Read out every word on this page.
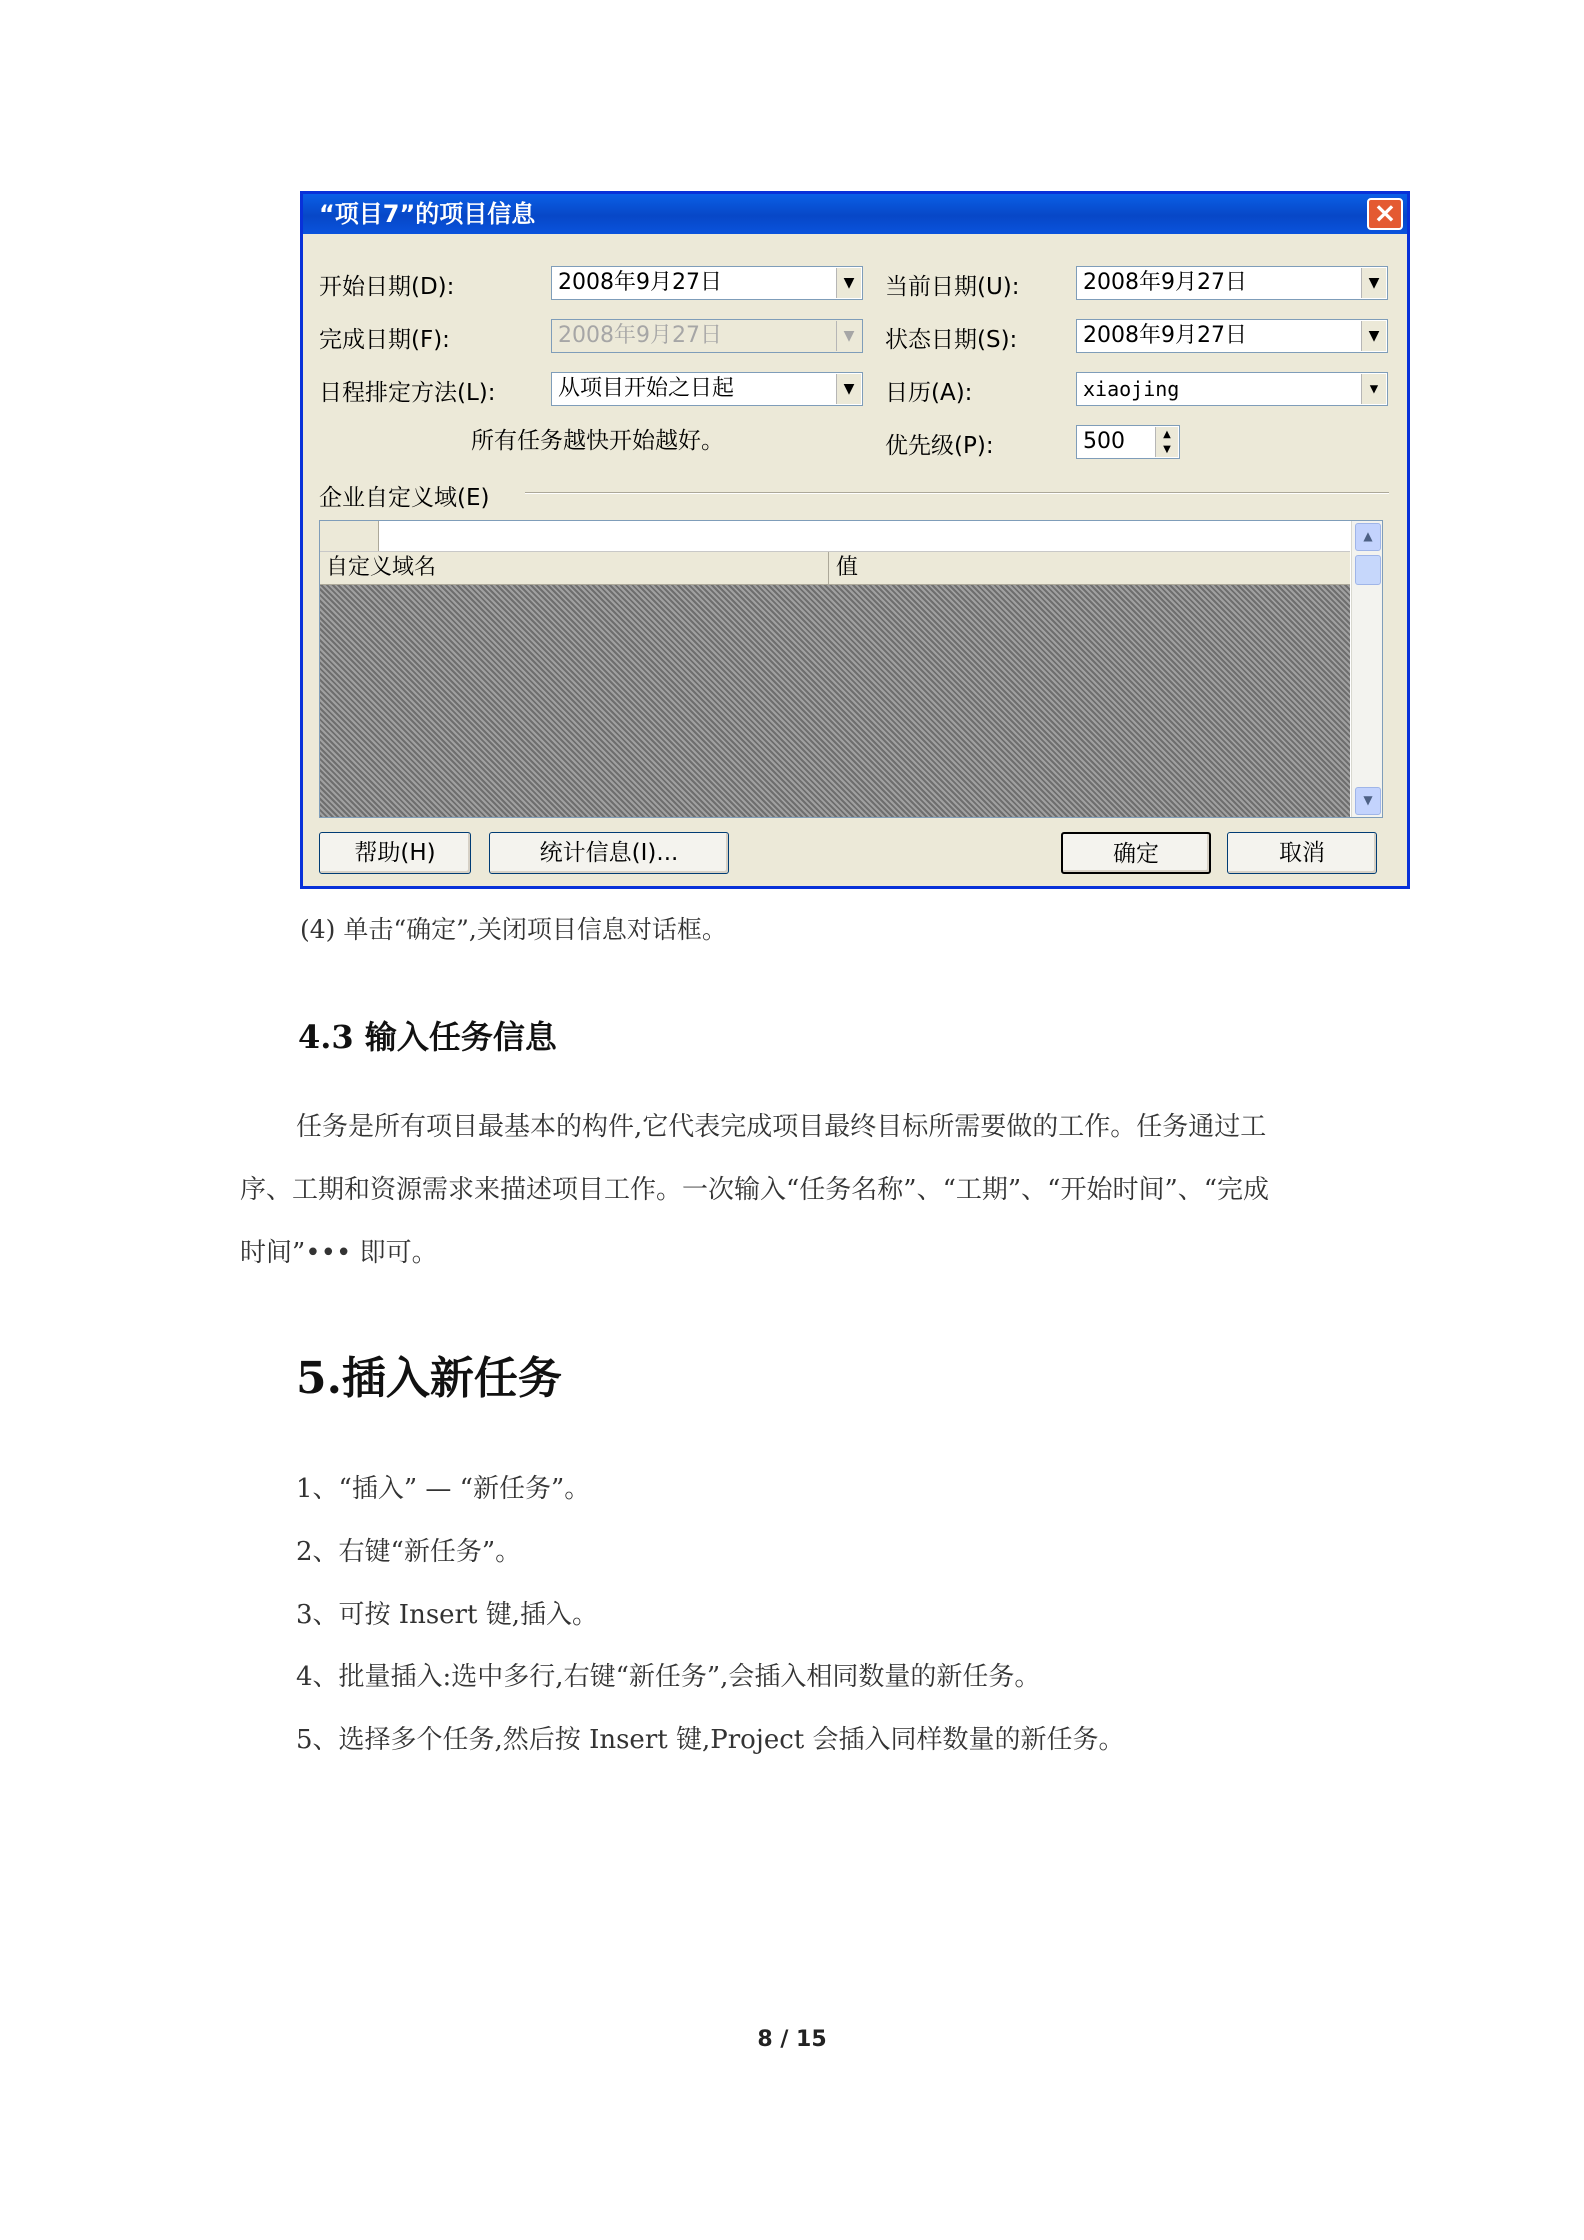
“项目7”的项目信息	×
开始日期(D):	2008年9月27日	▼
完成日期(F):	2008年9月27日	▼
日程排定方法(L):	从项目开始之日起	▼
所有任务越快开始越好。
当前日期(U):	2008年9月27日	▼
状态日期(S):	2008年9月27日	▼
日历(A):	xiaojing	▼
优先级(P):	500	▲
▼
企业自定义域(E)
自定义域名	值
▲
▼
帮助(H)	统计信息(I)...	确定	取消
(4) 单击“确定”,关闭项目信息对话框。
4.3 输入任务信息
任务是所有项目最基本的构件,它代表完成项目最终目标所需要做的工作。任务通过工
序、工期和资源需求来描述项目工作。一次输入“任务名称”、“工期”、“开始时间”、“完成
时间”••• 即可。
5.插入新任务
1、“插入” — “新任务”。
2、右键“新任务”。
3、可按 Insert 键,插入。
4、批量插入:选中多行,右键“新任务”,会插入相同数量的新任务。
5、选择多个任务,然后按 Insert 键,Project 会插入同样数量的新任务。
8 / 15
